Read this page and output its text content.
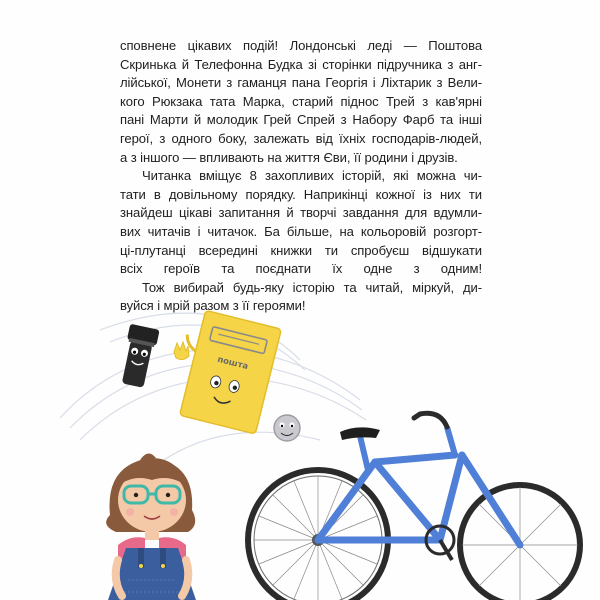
сповнене цікавих подій! Лондонські леді — Поштова
Скринька й Телефонна Будка зі сторінки підручника з анг-
лійської, Монети з гаманця пана Георгія і Ліхтарик з Вели-
кого Рюкзака тата Марка, старий піднос Трей з кав'ярні
пані Марти й молодик Грей Спрей з Набору Фарб та інші
герої, з одного боку, залежать від їхніх господарів-людей,
а з іншого — впливають на життя Єви, її родини і друзів.

Читанка вміщує 8 захопливих історій, які можна чи-
тати в довільному порядку. Наприкінці кожної із них ти
знайдеш цікаві запитання й творчі завдання для вдумли-
вих читачів і читачок. Ба більше, на кольоровій розгорт-
ці-плутанці всередині книжки ти спробуєш відшукати
всіх героїв та поєднати їх одне з одним!

Тож вибирай будь-яку історію та читай, міркуй, ди-
вуйся і мрій разом з її героями!

пошта
